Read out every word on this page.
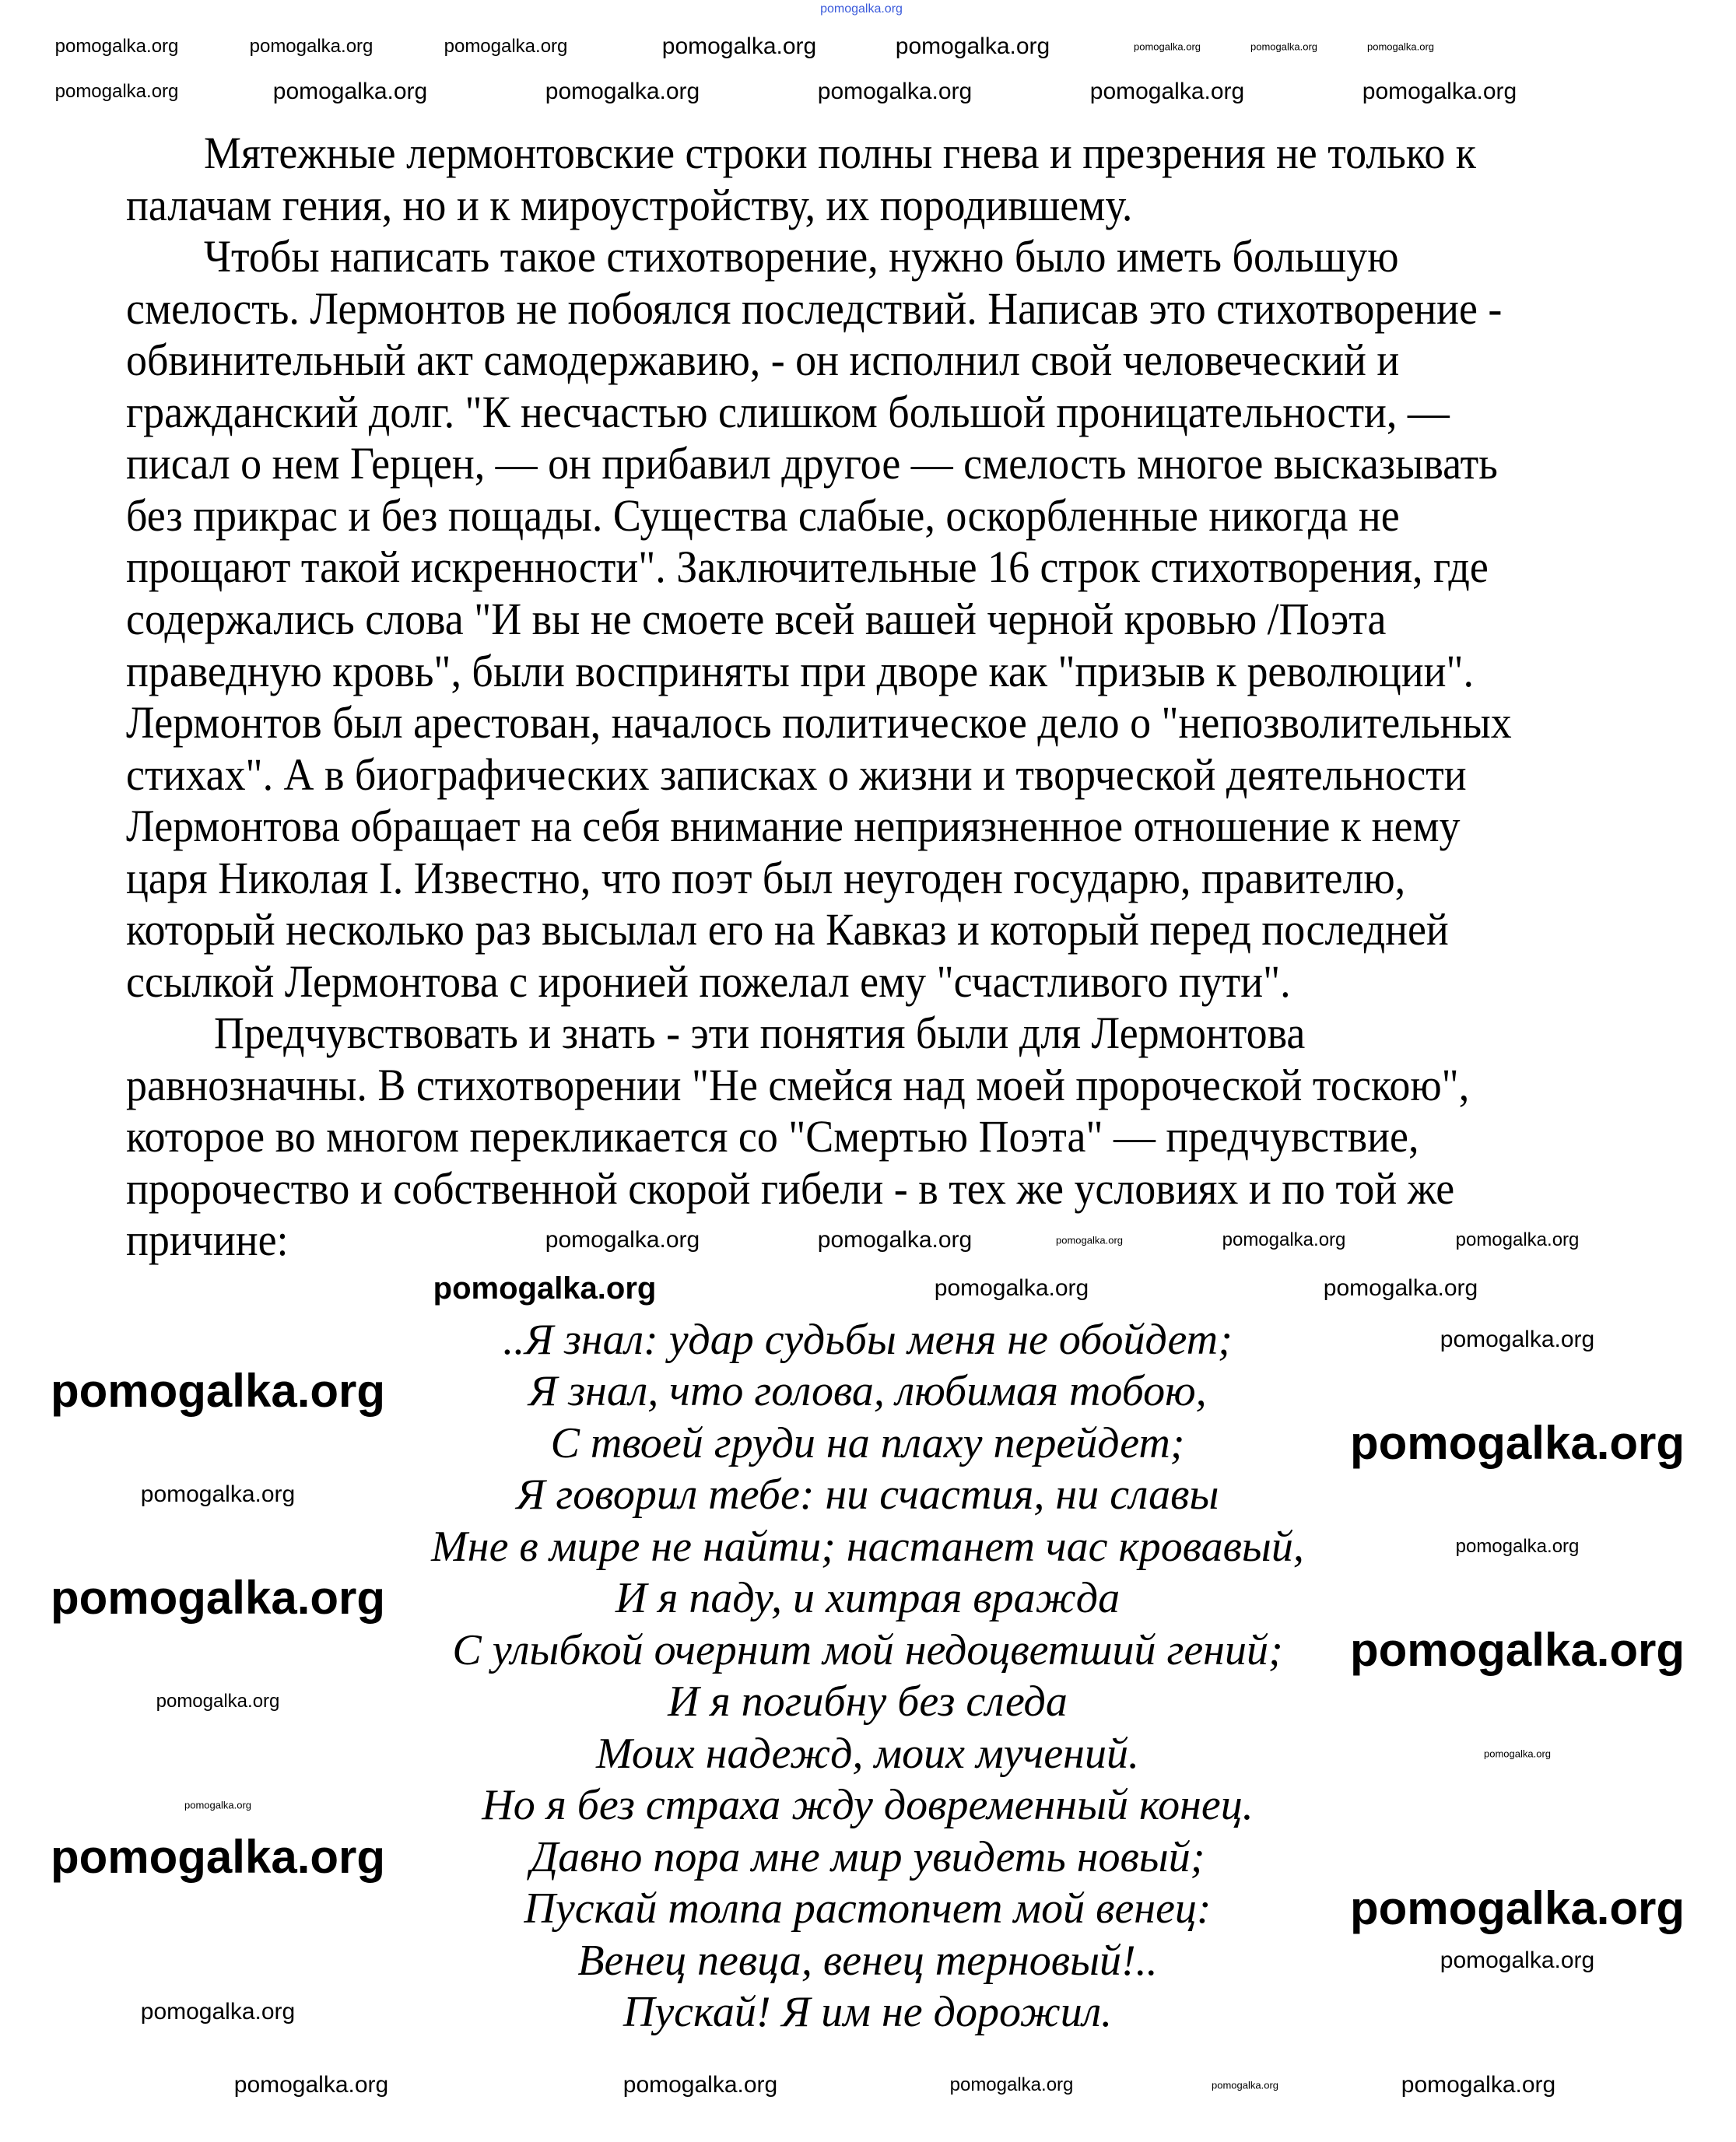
Мятежные лермонтовские строки полны гнева и презрения не только к
палачам гения, но и к мироустройству, их породившему.
Чтобы написать такое стихотворение, нужно было иметь большую
смелость. Лермонтов не побоялся последствий. Написав это стихотворение -
обвинительный акт самодержавию, - он исполнил свой человеческий и
гражданский долг. "К несчастью слишком большой проницательности, —
писал о нем Герцен, — он прибавил другое — смелость многое высказывать
без прикрас и без пощады. Существа слабые, оскорбленные никогда не
прощают такой искренности". Заключительные 16 строк стихотворения, где
содержались слова "И вы не смоете всей вашей черной кровью /Поэта
праведную кровь", были восприняты при дворе как "призыв к революции".
Лермонтов был арестован, началось политическое дело о "непозволительных
стихах". А в биографических записках о жизни и творческой деятельности
Лермонтова обращает на себя внимание неприязненное отношение к нему
царя Николая I. Известно, что поэт был неугоден государю, правителю,
который несколько раз высылал его на Кавказ и который перед последней
ссылкой Лермонтова с иронией пожелал ему "счастливого пути".
Предчувствовать и знать - эти понятия были для Лермонтова
равнозначны. В стихотворении "Не смейся над моей пророческой тоскою",
которое во многом перекликается со "Смертью Поэта" — предчувствие,
пророчество и собственной скорой гибели - в тех же условиях и по той же
причине:
..Я знал: удар судьбы меня не обойдет;
Я знал, что голова, любимая тобою,
С твоей груди на плаху перейдет;
Я говорил тебе: ни счастия, ни славы
Мне в мире не найти; настанет час кровавый,
И я паду, и хитрая вражда
С улыбкой очернит мой недоцветший гений;
И я погибну без следа
Моих надежд, моих мучений.
Но я без страха жду довременный конец.
Давно пора мне мир увидеть новый;
Пускай толпа растопчет мой венец:
Венец певца, венец терновый!..
Пускай! Я им не дорожил.
pomogalka.org
pomogalka.org	pomogalka.org	pomogalka.org	pomogalka.org	pomogalka.org	pomogalka.org	pomogalka.org	pomogalka.org
pomogalka.org	pomogalka.org	pomogalka.org	pomogalka.org	pomogalka.org	pomogalka.org
pomogalka.org	pomogalka.org	pomogalka.org	pomogalka.org	pomogalka.org
pomogalka.org	pomogalka.org	pomogalka.org
pomogalka.org
pomogalka.org
pomogalka.org
pomogalka.org
pomogalka.org
pomogalka.org
pomogalka.org
pomogalka.org
pomogalka.org
pomogalka.org
pomogalka.org
pomogalka.org
pomogalka.org
pomogalka.org
pomogalka.org	pomogalka.org	pomogalka.org	pomogalka.org	pomogalka.org
